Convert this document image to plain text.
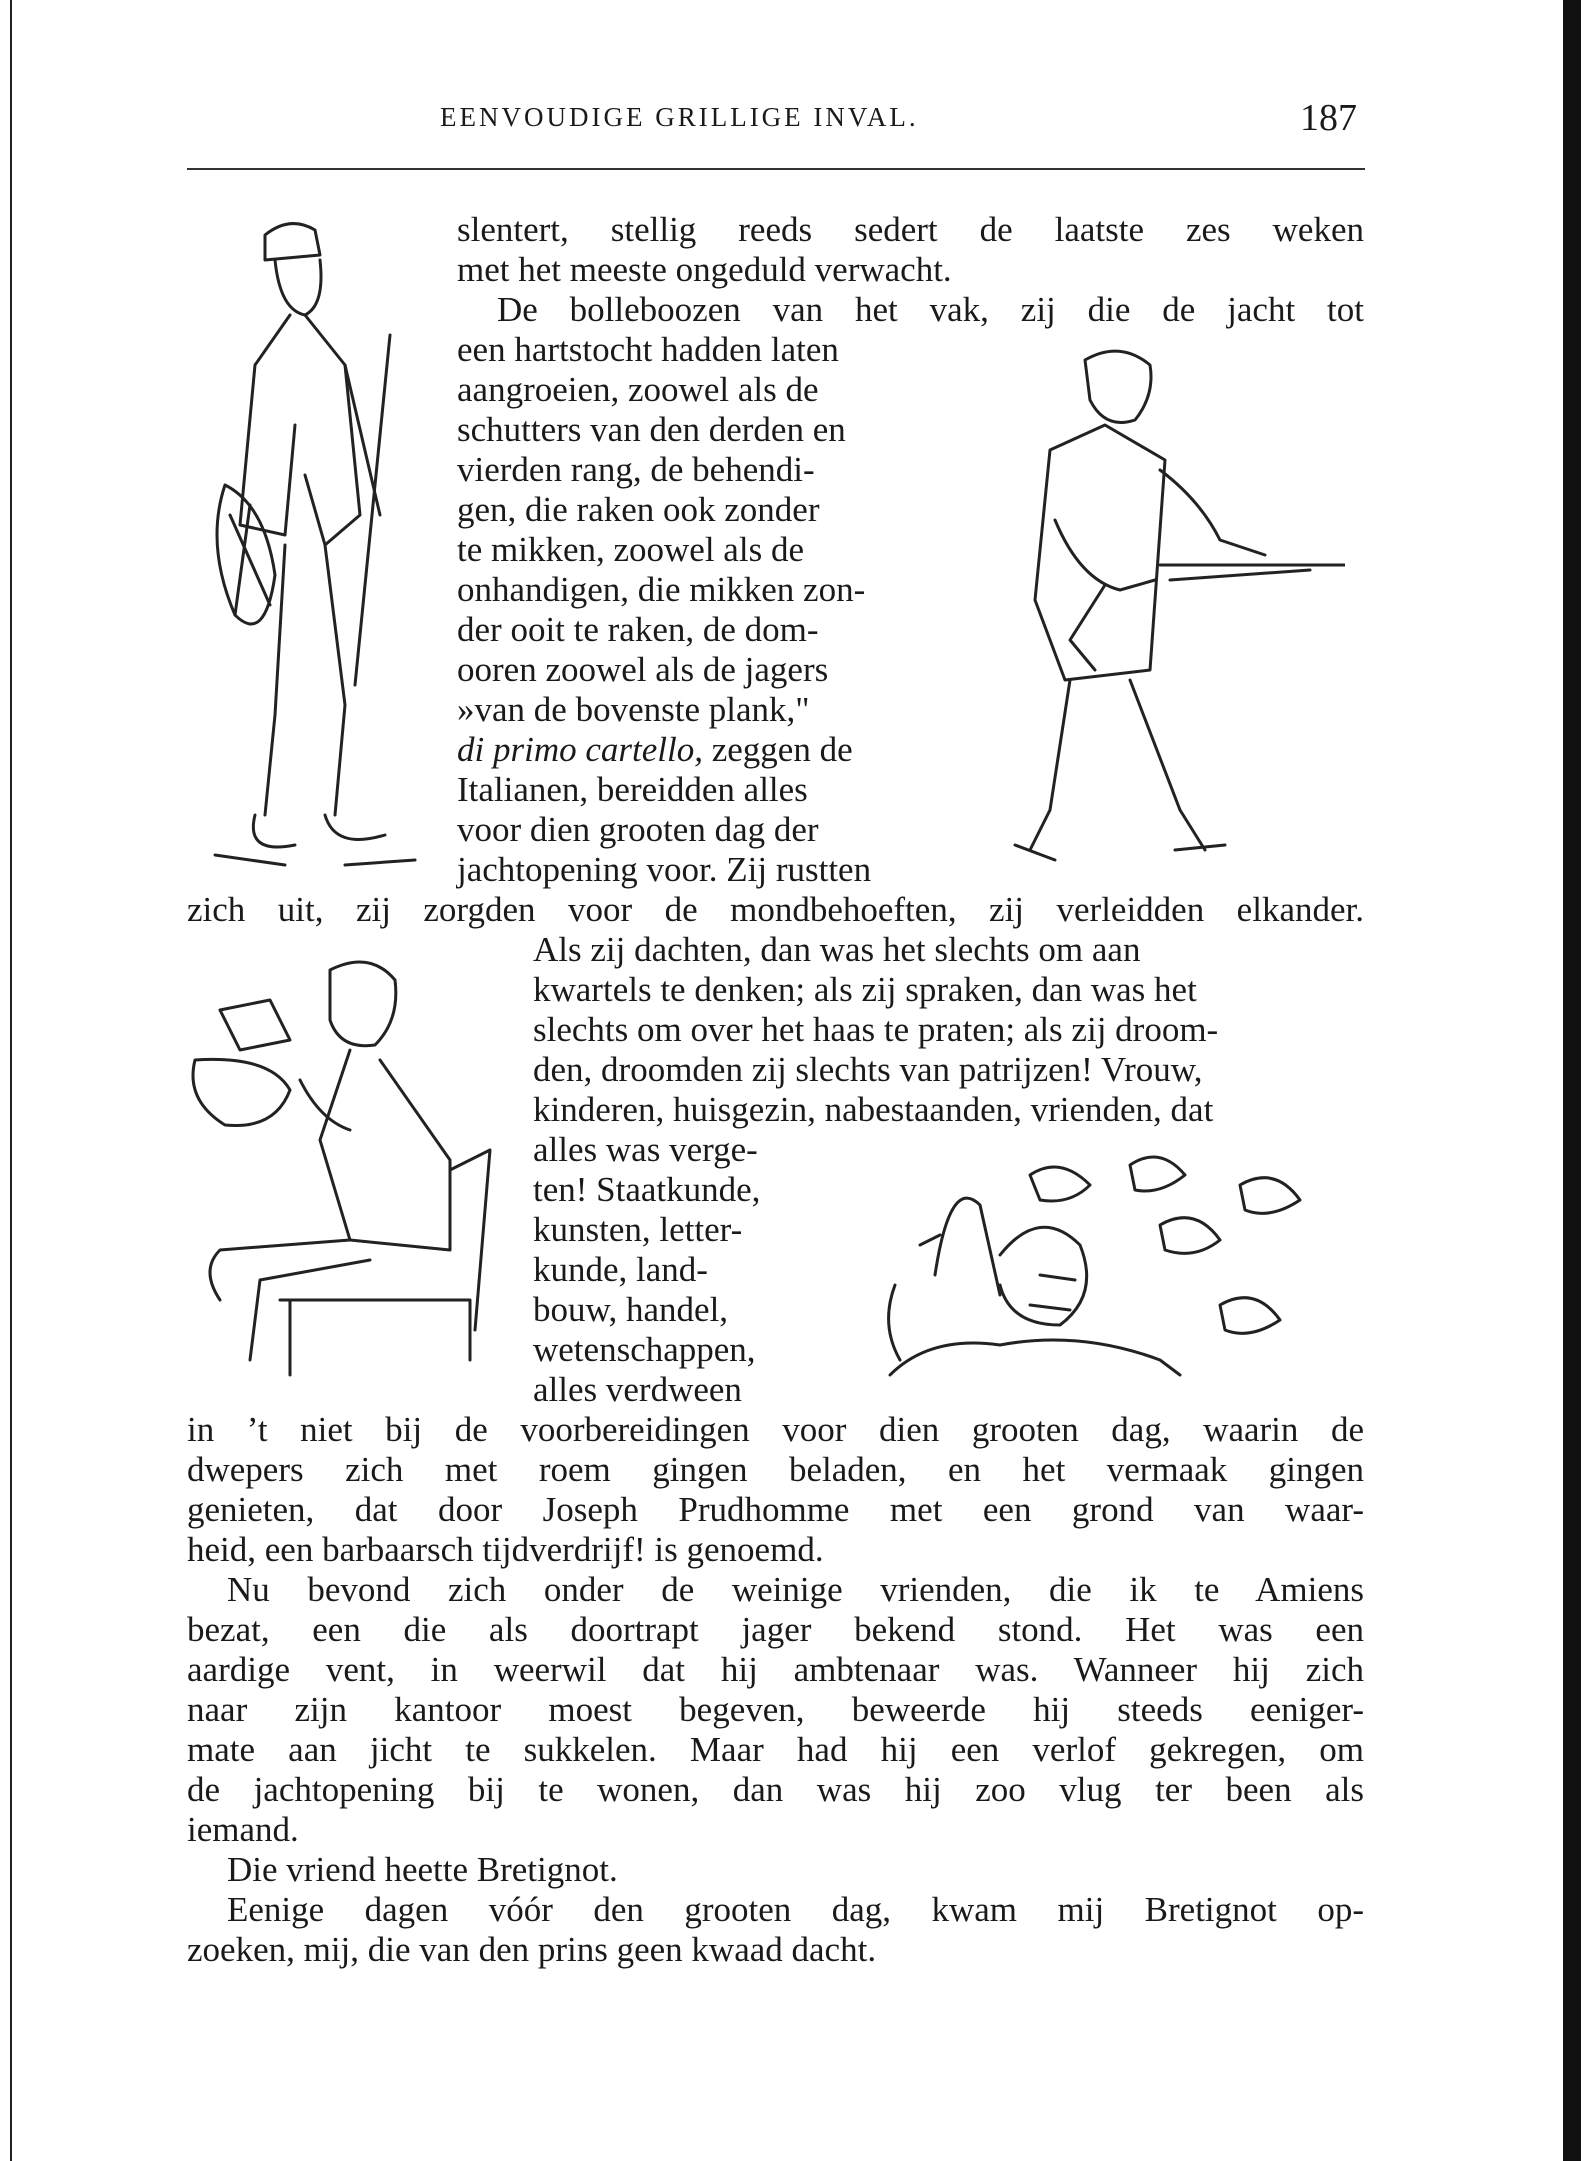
EENVOUDIGE GRILLIGE INVAL.	187
slentert, stellig reeds sedert de laatste zes weken
met het meeste ongeduld verwacht.
De bolleboozen van het vak, zij die de jacht tot
een hartstocht hadden laten
aangroeien, zoowel als de
schutters van den derden en
vierden rang, de behendi-
gen, die raken ook zonder
te mikken, zoowel als de
onhandigen, die mikken zon-
der ooit te raken, de dom-
ooren zoowel als de jagers
»van de bovenste plank,"
di primo cartello, zeggen de
Italianen, bereidden alles
voor dien grooten dag der
jachtopening voor. Zij rustten
zich uit, zij zorgden voor de mondbehoeften, zij verleidden elkander.
Als zij dachten, dan was het slechts om aan
kwartels te denken; als zij spraken, dan was het
slechts om over het haas te praten; als zij droom-
den, droomden zij slechts van patrijzen! Vrouw,
kinderen, huisgezin, nabestaanden, vrienden, dat
alles was verge-
ten! Staatkunde,
kunsten, letter-
kunde, land-
bouw, handel,
wetenschappen,
alles verdween
in ’t niet bij de voorbereidingen voor dien grooten dag, waarin de
dwepers zich met roem gingen beladen, en het vermaak gingen
genieten, dat door Joseph Prudhomme met een grond van waar-
heid, een barbaarsch tijdverdrijf! is genoemd.
Nu bevond zich onder de weinige vrienden, die ik te Amiens
bezat, een die als doortrapt jager bekend stond. Het was een
aardige vent, in weerwil dat hij ambtenaar was. Wanneer hij zich
naar zijn kantoor moest begeven, beweerde hij steeds eeniger-
mate aan jicht te sukkelen. Maar had hij een verlof gekregen, om
de jachtopening bij te wonen, dan was hij zoo vlug ter been als
iemand.
Die vriend heette Bretignot.
Eenige dagen vóór den grooten dag, kwam mij Bretignot op-
zoeken, mij, die van den prins geen kwaad dacht.
